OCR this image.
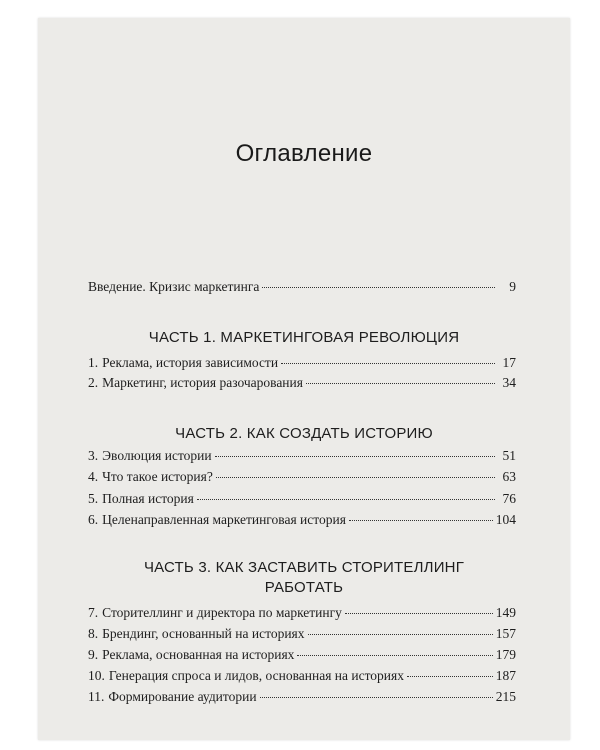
Оглавление
Введение. Кризис маркетинга	9
ЧАСТЬ 1. МАРКЕТИНГОВАЯ РЕВОЛЮЦИЯ
1. Реклама, история зависимости	17
2. Маркетинг, история разочарования	34
ЧАСТЬ 2. КАК СОЗДАТЬ ИСТОРИЮ
3. Эволюция истории	51
4. Что такое история?	63
5. Полная история	76
6. Целенаправленная маркетинговая история	104
ЧАСТЬ 3. КАК ЗАСТАВИТЬ СТОРИТЕЛЛИНГ
РАБОТАТЬ
7. Сторителлинг и директора по маркетингу	149
8. Брендинг, основанный на историях	157
9. Реклама, основанная на историях	179
10. Генерация спроса и лидов, основанная на историях	187
11. Формирование аудитории	215
